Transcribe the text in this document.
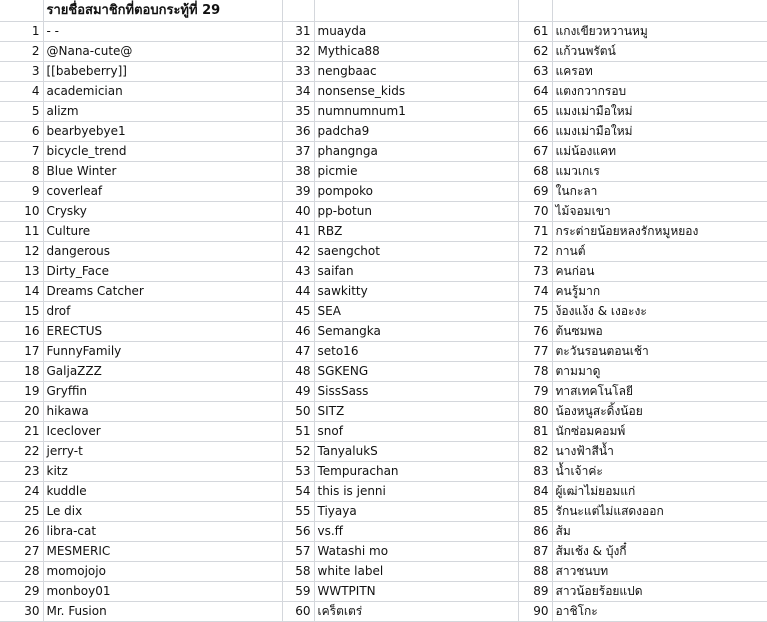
	รายชื่อสมาชิกที่ตอบกระทู้ที่ 29				
1	- -	31	muayda	61	แกงเขียวหวานหมู
2	@Nana-cute@	32	Mythica88	62	แก้วนพรัตน์
3	[[babeberry]]	33	nengbaac	63	แครอท
4	academician	34	nonsense_kids	64	แตงกวากรอบ
5	alizm	35	numnumnum1	65	แมงเม่ามือใหม่
6	bearbyebye1	36	padcha9	66	แมงเม่ามือใหม่
7	bicycle_trend	37	phangnga	67	แม่น้องแคท
8	Blue Winter	38	picmie	68	แมวเกเร
9	coverleaf	39	pompoko	69	ในกะลา
10	Crysky	40	pp-botun	70	ไม้จอมเขา
11	Culture	41	RBZ	71	กระต่ายน้อยหลงรักหมูหยอง
12	dangerous	42	saengchot	72	กานต์
13	Dirty_Face	43	saifan	73	คนก่อน
14	Dreams Catcher	44	sawkitty	74	คนรู้มาก
15	drof	45	SEA	75	ง้องแง้ง & เงอะงะ
16	ERECTUS	46	Semangka	76	ต้นซมพอ
17	FunnyFamily	47	seto16	77	ตะวันรอนตอนเช้า
18	GaljaZZZ	48	SGKENG	78	ตามมาดู
19	Gryffin	49	SissSass	79	ทาสเทคโนโลยี
20	hikawa	50	SITZ	80	น้องหนูสะดิ้งน้อย
21	Iceclover	51	snof	81	นักซ่อมคอมพ์
22	jerry-t	52	TanyalukS	82	นางฟ้าสีน้ำ
23	kitz	53	Tempurachan	83	น้ำเจ้าค่ะ
24	kuddle	54	this is jenni	84	ผู้เฒ่าไม่ยอมแก่
25	Le dix	55	Tiyaya	85	รักนะแต่ไม่แสดงออก
26	libra-cat	56	vs.ff	86	ส้ม
27	MESMERIC	57	Watashi mo	87	ส้มเช้ง & บุ้งกี๋
28	momojojo	58	white label	88	สาวชนบท
29	monboy01	59	WWTPITN	89	สาวน้อยร้อยแปด
30	Mr. Fusion	60	เคร็ตเตร่	90	อาชิโกะ
